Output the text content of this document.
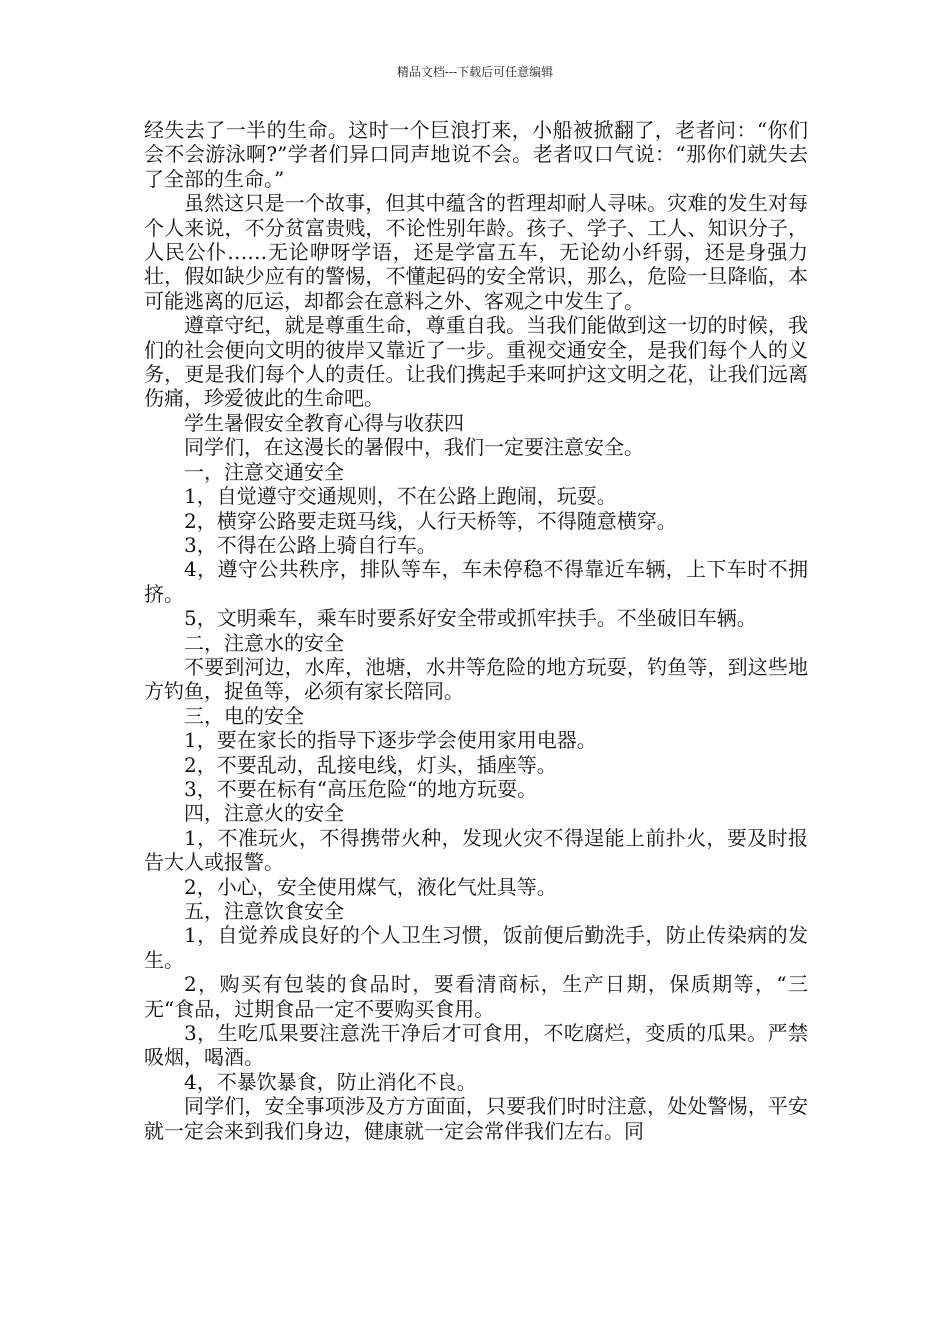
精品文档---下载后可任意编辑

经失去了一半的生命。这时一个巨浪打来，小船被掀翻了，老者问：“你们会不会游泳啊?”学者们异口同声地说不会。老者叹口气说：“那你们就失去了全部的生命。”

虽然这只是一个故事，但其中蕴含的哲理却耐人寻味。灾难的发生对每个人来说，不分贫富贵贱，不论性别年龄。孩子、学子、工人、知识分子，人民公仆……无论咿呀学语，还是学富五车，无论幼小纤弱，还是身强力壮，假如缺少应有的警惕，不懂起码的安全常识，那么，危险一旦降临，本可能逃离的厄运，却都会在意料之外、客观之中发生了。

遵章守纪，就是尊重生命，尊重自我。当我们能做到这一切的时候，我们的社会便向文明的彼岸又靠近了一步。重视交通安全，是我们每个人的义务，更是我们每个人的责任。让我们携起手来呵护这文明之花，让我们远离伤痛，珍爱彼此的生命吧。

学生暑假安全教育心得与收获四

同学们，在这漫长的暑假中，我们一定要注意安全。

一，注意交通安全

1，自觉遵守交通规则，不在公路上跑闹，玩耍。

2，横穿公路要走斑马线，人行天桥等，不得随意横穿。

3，不得在公路上骑自行车。

4，遵守公共秩序，排队等车，车未停稳不得靠近车辆，上下车时不拥挤。

5，文明乘车，乘车时要系好安全带或抓牢扶手。不坐破旧车辆。

二，注意水的安全

不要到河边，水库，池塘，水井等危险的地方玩耍，钓鱼等，到这些地方钓鱼，捉鱼等，必须有家长陪同。

三，电的安全

1，要在家长的指导下逐步学会使用家用电器。

2，不要乱动，乱接电线，灯头，插座等。

3，不要在标有“高压危险“的地方玩耍。

四，注意火的安全

1，不准玩火，不得携带火种，发现火灾不得逞能上前扑火，要及时报告大人或报警。

2，小心，安全使用煤气，液化气灶具等。

五，注意饮食安全

1，自觉养成良好的个人卫生习惯，饭前便后勤洗手，防止传染病的发生。

2，购买有包装的食品时，要看清商标，生产日期，保质期等，“三无“食品，过期食品一定不要购买食用。

3，生吃瓜果要注意洗干净后才可食用，不吃腐烂，变质的瓜果。严禁吸烟，喝酒。

4，不暴饮暴食，防止消化不良。

同学们，安全事项涉及方方面面，只要我们时时注意，处处警惕，平安就一定会来到我们身边，健康就一定会常伴我们左右。同
